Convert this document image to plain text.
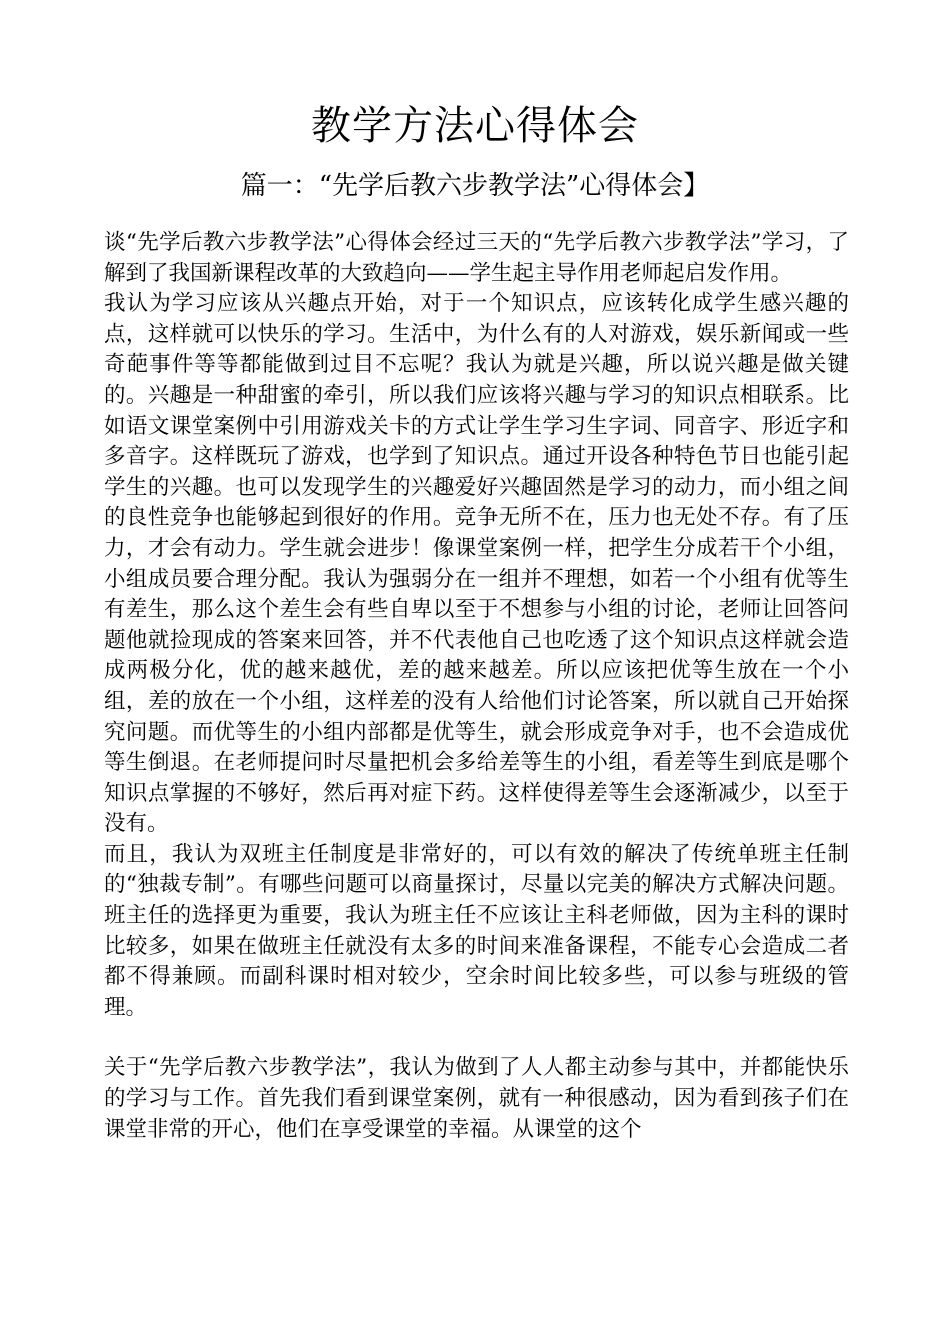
教学方法心得体会
篇一：“先学后教六步教学法”心得体会】

谈“先学后教六步教学法”心得体会经过三天的“先学后教六步教学法”学习，了解到了我国新课程改革的大致趋向——学生起主导作用老师起启发作用。

我认为学习应该从兴趣点开始，对于一个知识点，应该转化成学生感兴趣的点，这样就可以快乐的学习。生活中，为什么有的人对游戏，娱乐新闻或一些奇葩事件等等都能做到过目不忘呢？我认为就是兴趣，所以说兴趣是做关键的。兴趣是一种甜蜜的牵引，所以我们应该将兴趣与学习的知识点相联系。比如语文课堂案例中引用游戏关卡的方式让学生学习生字词、同音字、形近字和多音字。这样既玩了游戏，也学到了知识点。通过开设各种特色节日也能引起学生的兴趣。也可以发现学生的兴趣爱好兴趣固然是学习的动力，而小组之间的良性竞争也能够起到很好的作用。竞争无所不在，压力也无处不存。有了压力，才会有动力。学生就会进步！像课堂案例一样，把学生分成若干个小组，小组成员要合理分配。我认为强弱分在一组并不理想，如若一个小组有优等生有差生，那么这个差生会有些自卑以至于不想参与小组的讨论，老师让回答问题他就捡现成的答案来回答，并不代表他自己也吃透了这个知识点这样就会造成两极分化，优的越来越优，差的越来越差。所以应该把优等生放在一个小组，差的放在一个小组，这样差的没有人给他们讨论答案，所以就自己开始探究问题。而优等生的小组内部都是优等生，就会形成竞争对手，也不会造成优等生倒退。在老师提问时尽量把机会多给差等生的小组，看差等生到底是哪个知识点掌握的不够好，然后再对症下药。这样使得差等生会逐渐减少，以至于没有。

而且，我认为双班主任制度是非常好的，可以有效的解决了传统单班主任制的“独裁专制”。有哪些问题可以商量探讨，尽量以完美的解决方式解决问题。班主任的选择更为重要，我认为班主任不应该让主科老师做，因为主科的课时比较多，如果在做班主任就没有太多的时间来准备课程，不能专心会造成二者都不得兼顾。而副科课时相对较少，空余时间比较多些，可以参与班级的管理。

关于“先学后教六步教学法”，我认为做到了人人都主动参与其中，并都能快乐的学习与工作。首先我们看到课堂案例，就有一种很感动，因为看到孩子们在课堂非常的开心，他们在享受课堂的幸福。从课堂的这个
